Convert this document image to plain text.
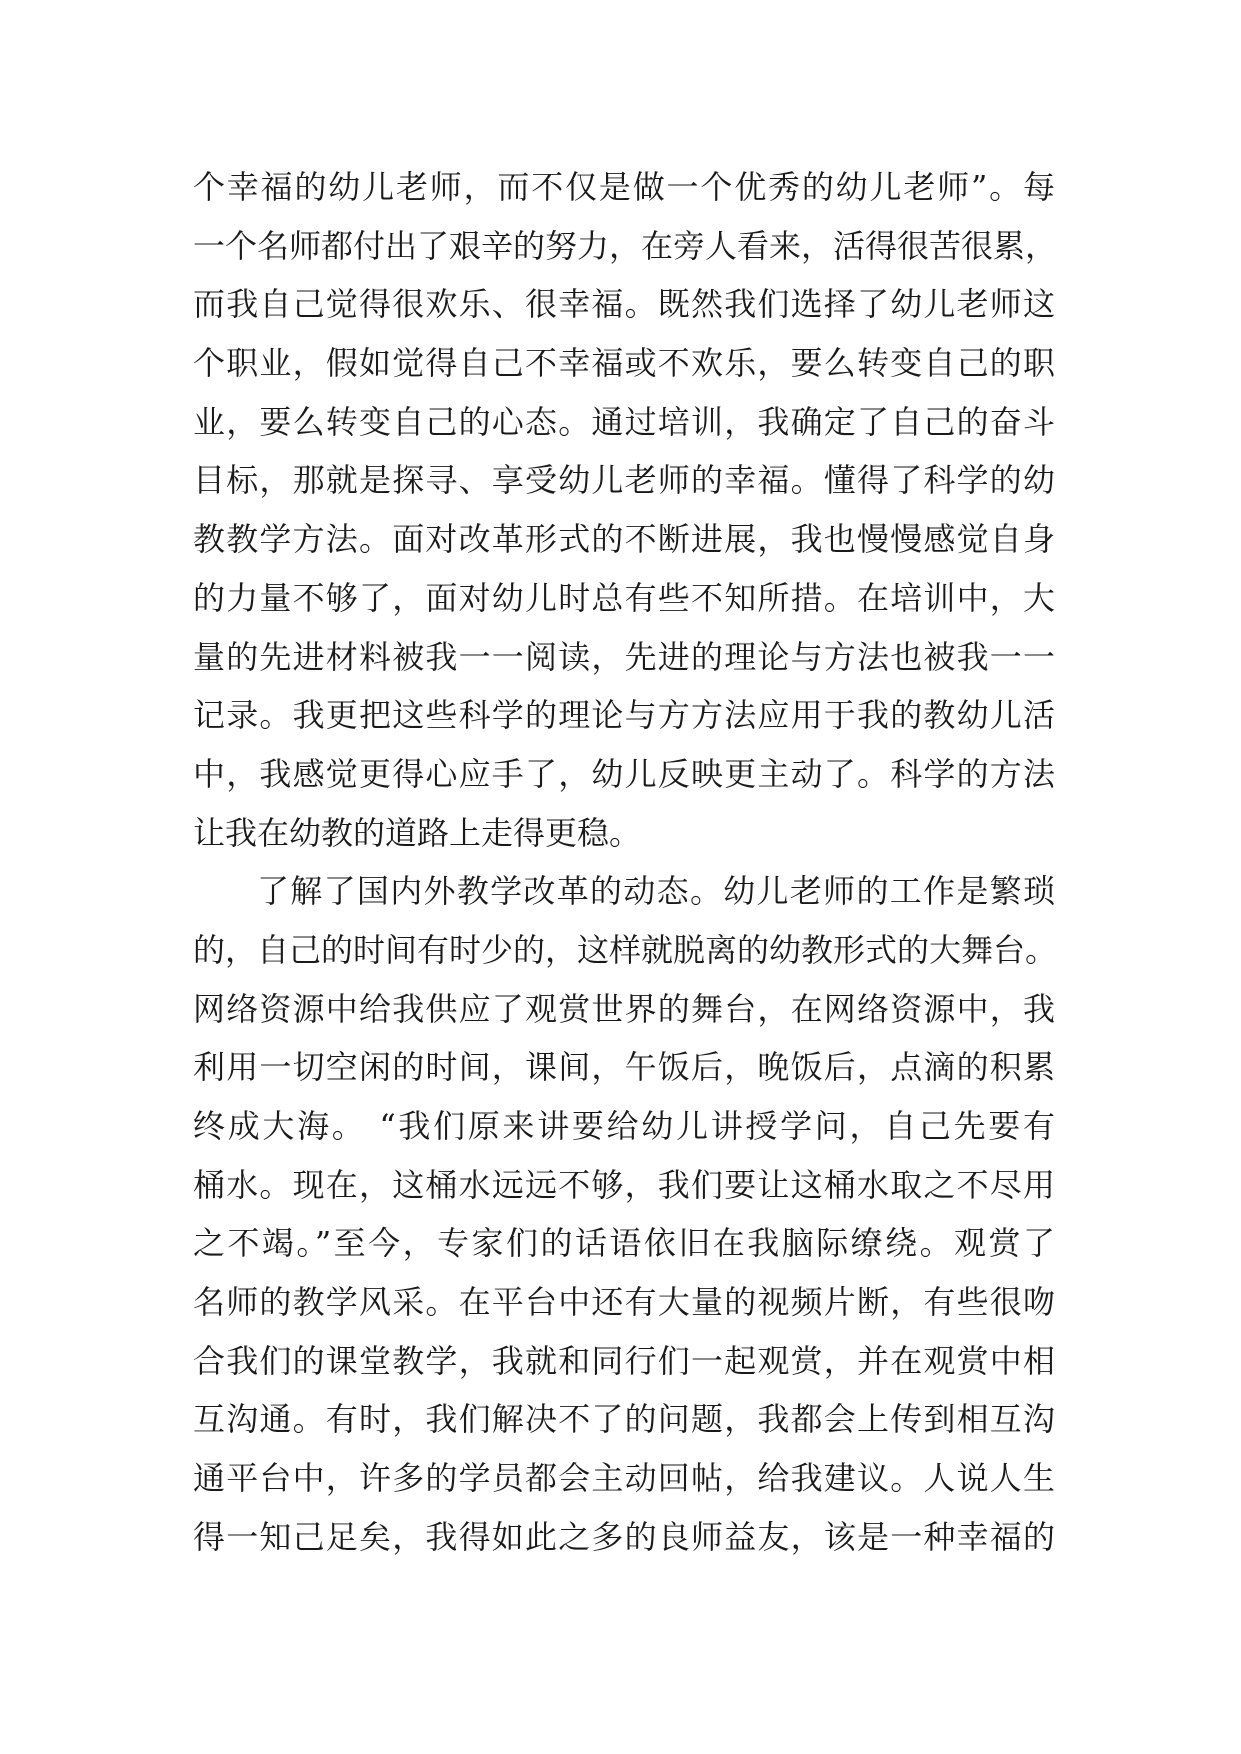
个幸福的幼儿老师，而不仅是做一个优秀的幼儿老师”。每
一个名师都付出了艰辛的努力，在旁人看来，活得很苦很累，
而我自己觉得很欢乐、很幸福。既然我们选择了幼儿老师这
个职业，假如觉得自己不幸福或不欢乐，要么转变自己的职
业，要么转变自己的心态。通过培训，我确定了自己的奋斗
目标，那就是探寻、享受幼儿老师的幸福。懂得了科学的幼
教教学方法。面对改革形式的不断进展，我也慢慢感觉自身
的力量不够了，面对幼儿时总有些不知所措。在培训中，大
量的先进材料被我一一阅读，先进的理论与方法也被我一一
记录。我更把这些科学的理论与方方法应用于我的教幼儿活
中，我感觉更得心应手了，幼儿反映更主动了。科学的方法
让我在幼教的道路上走得更稳。
了解了国内外教学改革的动态。幼儿老师的工作是繁琐
的，自己的时间有时少的，这样就脱离的幼教形式的大舞台。
网络资源中给我供应了观赏世界的舞台，在网络资源中，我
利用一切空闲的时间，课间，午饭后，晚饭后，点滴的积累
终成大海。 “我们原来讲要给幼儿讲授学问，自己先要有
桶水。现在，这桶水远远不够，我们要让这桶水取之不尽用
之不竭。”至今，专家们的话语依旧在我脑际缭绕。观赏了
名师的教学风采。在平台中还有大量的视频片断，有些很吻
合我们的课堂教学，我就和同行们一起观赏，并在观赏中相
互沟通。有时，我们解决不了的问题，我都会上传到相互沟
通平台中，许多的学员都会主动回帖，给我建议。人说人生
得一知己足矣，我得如此之多的良师益友，该是一种幸福的
